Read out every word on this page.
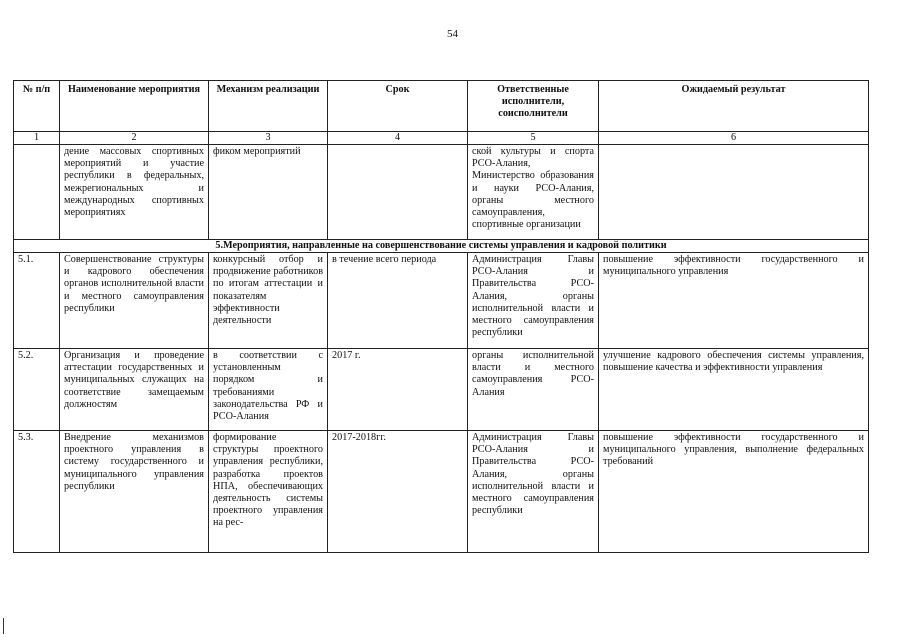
54
№ п/п	Наименование мероприятия	Механизм реализации	Срок	Ответственные исполнители, соисполнители	Ожидаемый результат
1	2	3	4	5	6
	дение массовых спортивных мероприятий и участие республики в федеральных, межрегиональных и международных спортивных мероприятиях	фиком мероприятий		ской культуры и спорта РСО-Алания, Министерство образования и науки РСО-Алания, органы местного самоуправления, спортивные организации	
5.Мероприятия, направленные на совершенствование системы управления и кадровой политики					
5.1.	Совершенствование структуры и кадрового обеспечения органов исполнительной власти и местного самоуправления республики	конкурсный отбор и продвижение работников по итогам аттестации и показателям эффективности деятельности	в течение всего периода	Администрация Главы РСО-Алания и Правительства РСО-Алания, органы исполнительной власти и местного самоуправления республики	повышение эффективности государственного и муниципального управления
5.2.	Организация и проведение аттестации государственных и муниципальных служащих на соответствие замещаемым должностям	в соответствии с установленным порядком и требованиями законодательства РФ и РСО-Алания	2017 г.	органы исполнительной власти и местного самоуправления РСО-Алания	улучшение кадрового обеспечения системы управления, повышение качества и эффективности управления
5.3.	Внедрение механизмов проектного управления в систему государственного и муниципального управления республики	формирование структуры проектного управления республики, разработка проектов НПА, обеспечивающих деятельность системы проектного управления на рес-	2017-2018гг.	Администрация Главы РСО-Алания и Правительства РСО-Алания, органы исполнительной власти и местного самоуправления республики	повышение эффективности государственного и муниципального управления, выполнение федеральных требований
